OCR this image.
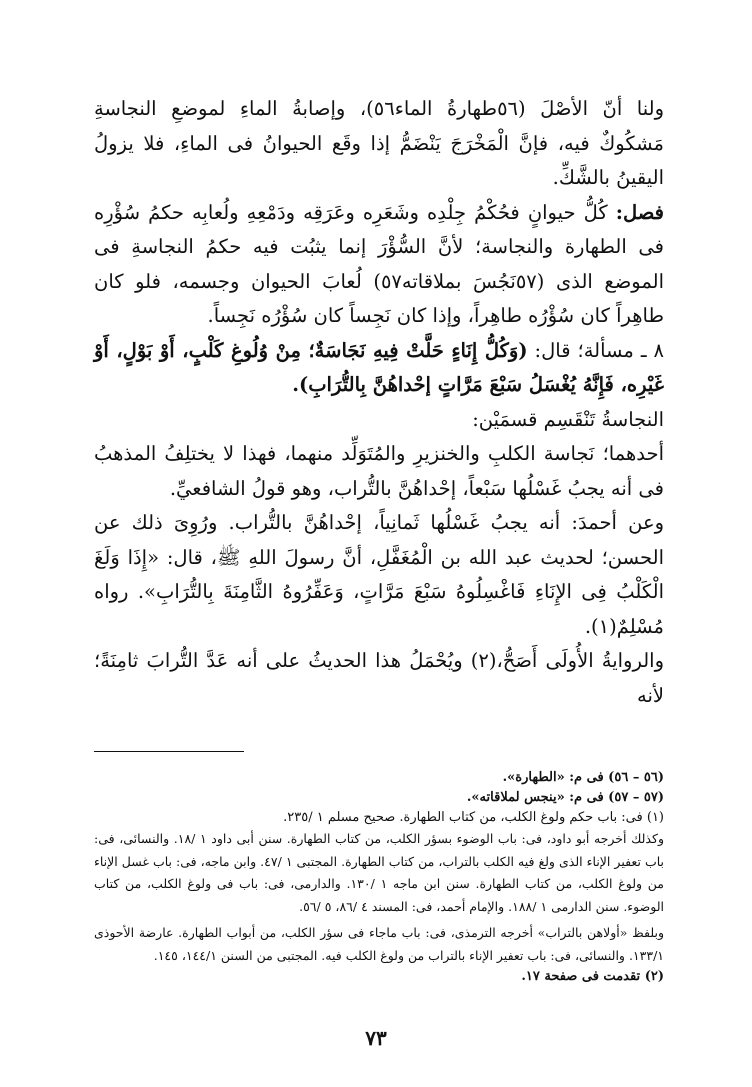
ولنا أنّ الأصْلَ (٥٦طهارةُ الماء٥٦)، وإصابةُ الماءِ لموضعِ النجاسةِ مَشكُوكٌ فيه، فإنَّ الْمَخْرَجَ يَنْضَمُّ إذا وقَع الحيوانُ فى الماءِ، فلا يزولُ اليقينُ بالشَّكِّ.

فصل: كُلُّ حيوانٍ فحُكْمُ جِلْدِه وشَعَرِه وعَرَقِه ودَمْعِهِ ولُعابِه حكمُ سُؤْرِه فى الطهارة والنجاسة؛ لأنَّ السُّؤْرَ إنما يثبُت فيه حكمُ النجاسةِ فى الموضع الذى (٥٧نَجُسَ بملاقاته٥٧) لُعابَ الحيوان وجسمه، فلو كان طاهِراً كان سُؤْرُه طاهِراً، وإذا كان نَجِساً كان سُؤْرُه نَجِساً.

٨ ـ مسألة؛ قال: (وَكُلُّ إِنَاءٍ حَلَّتْ فِيهِ نَجَاسَةٌ؛ مِنْ وُلُوغِ كَلْبٍ، أَوْ بَوْلٍ، أَوْ غَيْرِه، فَإِنَّهُ يُغْسَلُ سَبْعَ مَرَّاتٍ إحْداهُنَّ بِالتُّرَابِ).

النجاسةُ تَنْقَسِم قسمَيْن:

أحدهما؛ نَجاسة الكلبِ والخنزيرِ والمُتَوَلِّد منهما، فهذا لا يختلِفُ المذهبُ فى أنه يجبُ غَسْلُها سَبْعاً، إحْداهُنَّ بالتُّراب، وهو قولُ الشافعيِّ.

وعن أحمدَ: أنه يجبُ غَسْلُها ثَمانِياً، إحْداهُنَّ بالتُّراب. ورُوِىَ ذلك عن الحسن؛ لحديث عبد الله بن الْمُغَفَّلِ، أنَّ رسولَ اللهِ ﷺ، قال: «إِذَا وَلَغَ الْكَلْبُ فِى الإِنَاءِ فَاغْسِلُوهُ سَبْعَ مَرَّاتٍ، وَعَفِّرُوهُ الثَّامِنَةَ بِالتُّرَابِ». رواه مُسْلِمٌ(١).

والروايةُ الأُولَى أَصَحُّ،(٢) ويُحْمَلُ هذا الحديثُ على أنه عَدَّ التُّرابَ ثامِنَةً؛ لأنه

(٥٦ – ٥٦) فى م: «الطهارة».

(٥٧ – ٥٧) فى م: «ينجس لملاقاته».

(١) فى: باب حكم ولوغ الكلب، من كتاب الطهارة. صحيح مسلم ١ /٢٣٥.

وكذلك أخرجه أبو داود، فى: باب الوضوء بسؤر الكلب، من كتاب الطهارة. سنن أبى داود ١ /١٨. والنسائى، فى: باب تعفير الإناء الذى ولغ فيه الكلب بالتراب، من كتاب الطهارة. المجتبى ١ /٤٧. وابن ماجه، فى: باب غسل الإناء من ولوغ الكلب، من كتاب الطهارة. سنن ابن ماجه ١ /١٣٠. والدارمى، فى: باب فى ولوغ الكلب، من كتاب الوضوء. سنن الدارمى ١ /١٨٨. والإمام أحمد، فى: المسند ٤ /٨٦، ٥ /٥٦.

وبلفظ «أولاهن بالتراب» أخرجه الترمذى، فى: باب ماجاء فى سؤر الكلب، من أبواب الطهارة. عارضة الأحوذى ١٣٣/١. والنسائى، فى: باب تعفير الإناء بالتراب من ولوغ الكلب فيه. المجتبى من السنن ١٤٤/١، ١٤٥.

(٢) تقدمت فى صفحة ١٧.

٧٣
